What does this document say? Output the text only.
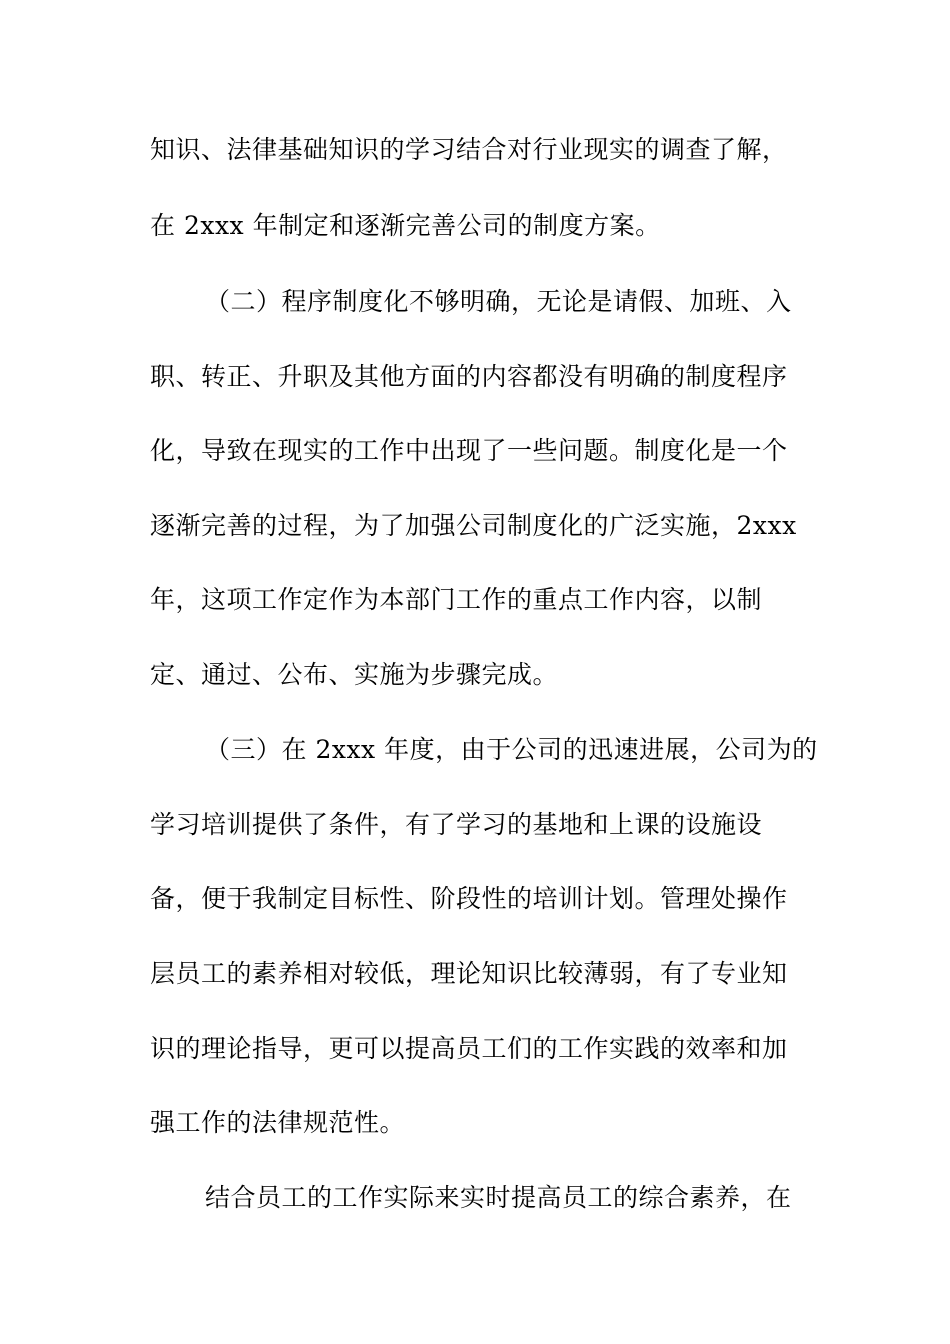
知识、法律基础知识的学习结合对行业现实的调查了解，
在 2xxx 年制定和逐渐完善公司的制度方案。
（二）程序制度化不够明确，无论是请假、加班、入
职、转正、升职及其他方面的内容都没有明确的制度程序
化，导致在现实的工作中出现了一些问题。制度化是一个
逐渐完善的过程，为了加强公司制度化的广泛实施，2xxx
年，这项工作定作为本部门工作的重点工作内容，以制
定、通过、公布、实施为步骤完成。
（三）在 2xxx 年度，由于公司的迅速进展，公司为的
学习培训提供了条件，有了学习的基地和上课的设施设
备，便于我制定目标性、阶段性的培训计划。管理处操作
层员工的素养相对较低，理论知识比较薄弱，有了专业知
识的理论指导，更可以提高员工们的工作实践的效率和加
强工作的法律规范性。
结合员工的工作实际来实时提高员工的综合素养，在
